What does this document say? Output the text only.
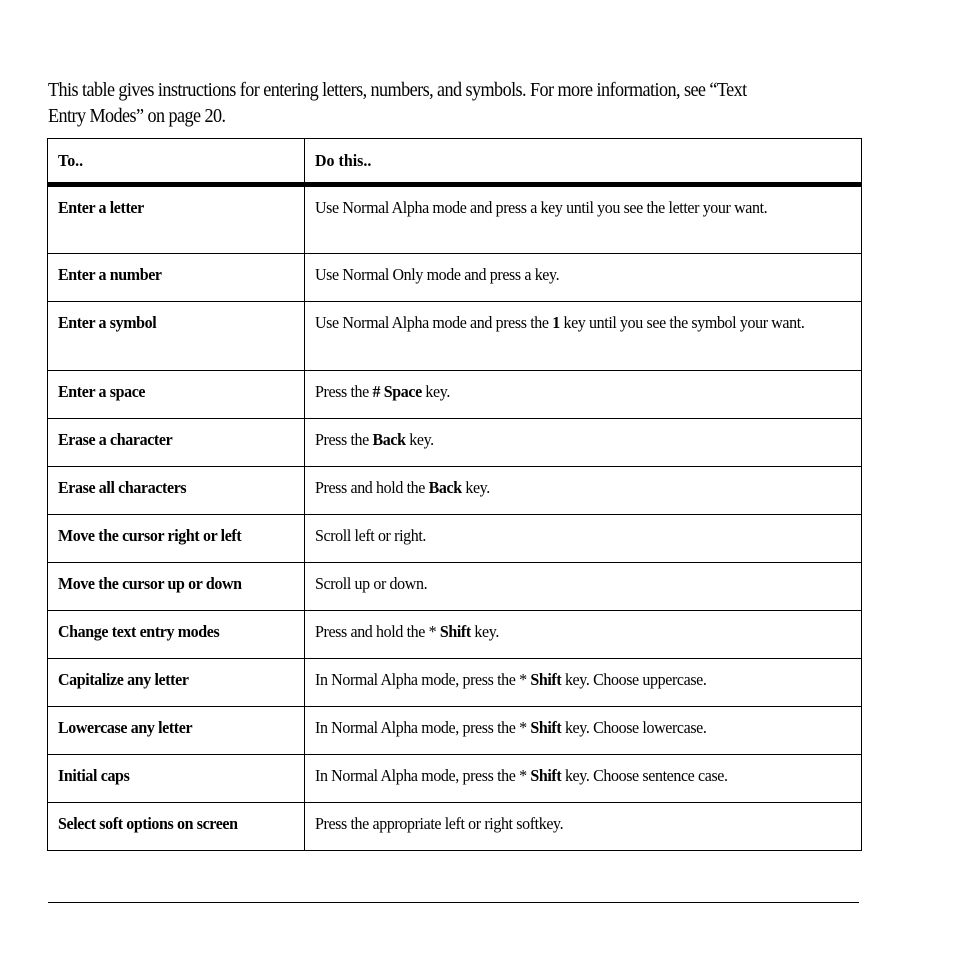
This table gives instructions for entering letters, numbers, and symbols. For more information, see “Text
Entry Modes” on page 20.
To..	Do this..
Enter a letter	Use Normal Alpha mode and press a key until you see the letter your want.

Enter a number	Use Normal Only mode and press a key.

Enter a symbol	Use Normal Alpha mode and press the 1 key until you see the symbol your want.

Enter a space	Press the # Space key.

Erase a character	Press the Back key.

Erase all characters	Press and hold the Back key.

Move the cursor right or left	Scroll left or right.

Move the cursor up or down	Scroll up or down.

Change text entry modes	Press and hold the * Shift key.

Capitalize any letter	In Normal Alpha mode, press the * Shift key. Choose uppercase.

Lowercase any letter	In Normal Alpha mode, press the * Shift key. Choose lowercase.

Initial caps	In Normal Alpha mode, press the * Shift key. Choose sentence case.

Select soft options on screen	Press the appropriate left or right softkey.
